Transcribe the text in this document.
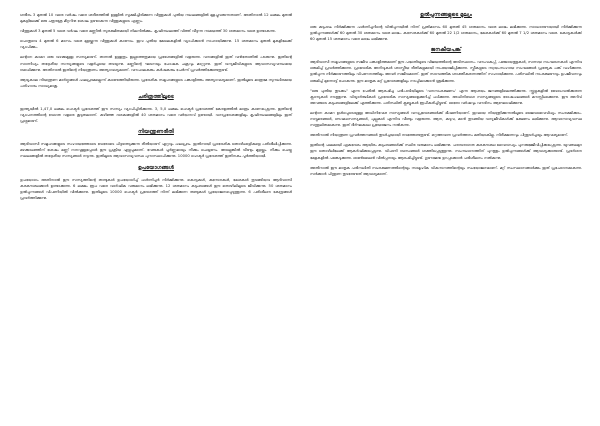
ശരീരം 3 മുതൽ 10 വരെ വർഷം വരെ ശരീരത്തിൽ ഉള്ളിൽ സൂക്ഷിച്ചിരിക്കുന്ന വിത്തുകൾ പുതിയ സ്ഥലങ്ങളിൽ മുളച്ചുവരുന്നതാണ്. അതിനാൽ 12 ലക്ഷം മുതൽ മുകളിലേക്ക് ഒരു ചതുരശ്ര മീറ്ററിനു ശേഷം ഉണ്ടാകുന്ന വിത്തുകളുടെ എണ്ണം.

വിത്തുകൾ 3 മുതൽ 5 വരെ വർഷം വരെ മണ്ണിൽ സുരക്ഷിതമായി നിലനിൽക്കും. കൃഷിസ്ഥലത്ത് വിത്ത് വീഴുന്ന സമയത്ത് 30 ശതമാനം വരെ ഉണ്ടാകുന്നു.

പൊതുവെ 4 മുതൽ 6 മാസം വരെ മുളയ്ക്കുന്ന വിത്തുകൾ കാണാം. ഇവ പുതിയ മേഖലകളിൽ വ്യാപിക്കാൻ സഹായിക്കുന്നു. 15 ശതമാനം മുതൽ മുകളിലേക്ക് വ്യാപിക്കും.

ലന്റാന കാമറ ഒരു വഴക്കമുള്ള സസ്യമാണ്. തണൽ ഉള്ളതും ഇല്ലാത്തതുമായ പ്രദേശങ്ങളിൽ വളരുന്നു. വനങ്ങളിൽ ഇത് വൻതോതിൽ പടരുന്നു. ഇതിന്റെ സാന്നിധ്യം തദ്ദേശീയ സസ്യങ്ങളുടെ വളർച്ചയെ തടയുന്നു. മണ്ണിന്റെ ഘടനയും പോഷക ചക്രവും മാറ്റുന്നു. ഇത് വന്യജീവികളുടെ ആവാസവ്യവസ്ഥയെ ബാധിക്കുന്നു. അതിനാൽ ഇതിന്റെ നിയന്ത്രണം അത്യാവശ്യമാണ്. വനപാലകരും കർഷകരും ചേർന്ന് പ്രവർത്തിക്കേണ്ടതുണ്ട്.

ആദ്യകാല നിയന്ത്രണ മാർഗ്ഗങ്ങൾ ഫലപ്രദമല്ലെന്ന് കണ്ടെത്തിയിരുന്നു. പ്രദേശിക സമൂഹങ്ങളുടെ പങ്കാളിത്തം അത്യാവശ്യമാണ്. ഇതിലൂടെ മാത്രമേ സുസ്ഥിരമായ പരിഹാരം സാധ്യമാകൂ.

ചരിത്രത്തിലൂടെ

ഇന്ത്യയിൽ 1,47,0 ലക്ഷം ഹെക്ടർ പ്രദേശത്ത് ഈ സസ്യം വ്യാപിച്ചിരിക്കുന്നു. 3, 5,0 ലക്ഷം ഹെക്ടർ പ്രദേശത്ത് കേരളത്തിൽ മാത്രം കാണപ്പെടുന്നു. ഇതിന്റെ വ്യാപനത്തിന്റെ വേഗത വളരെ കൂടുതലാണ്. കഴിഞ്ഞ ദശകങ്ങളിൽ 40 ശതമാനം വരെ വർദ്ധനവ് ഉണ്ടായി. വനപ്രദേശങ്ങളിലും കൃഷിസ്ഥലങ്ങളിലും ഇത് പ്രശ്നമാണ്.

നിയന്ത്രണരീതി

ആദിവാസി സമൂഹങ്ങളുടെ സഹായത്തോടെ വേരോടെ പിഴുതെടുക്കുന്ന രീതിയാണ് ഏറ്റവും ഫലപ്രദം. ഇതിനായി പ്രാദേശിക തൊഴിലാളികളെ പരിശീലിപ്പിക്കുന്നു. മഴക്കാലത്തിന് ശേഷം മണ്ണ് നനവുള്ളപ്പോൾ ഈ പ്രക്രിയ എളുപ്പമാണ്. വേരുകൾ പൂർണ്ണമായും നീക്കം ചെയ്യണം. അല്ലെങ്കിൽ വീണ്ടും മുളയ്ക്കും. നീക്കം ചെയ്ത സ്ഥലങ്ങളിൽ തദ്ദേശീയ സസ്യങ്ങൾ നടുന്നു. ഇതിലൂടെ ആവാസവ്യവസ്ഥ പുനഃസ്ഥാപിക്കുന്നു. 10000 ഹെക്ടർ പ്രദേശത്ത് ഇതിനകം പൂർത്തിയായി.

ഉപയോഗങ്ങൾ

ഉപയോഗം അതിനാൽ ഈ സസ്യത്തിന്റെ തണ്ടുകൾ ഉപയോഗിച്ച് ഫർണിച്ചർ നിർമ്മിക്കുന്നു. കൊട്ടകൾ, കസേരകൾ, മേശകൾ തുടങ്ങിയവ ആദിവാസി കരകൗശലക്കാർ ഉണ്ടാക്കുന്നു. 6 ലക്ഷം രൂപ വരെ വാർഷിക വരുമാനം ലഭിക്കുന്നു. 12 ശതമാനം കുടുംബങ്ങൾ ഈ തൊഴിലിലൂടെ ജീവിക്കുന്നു. 50 ശതമാനം ഉൽപ്പന്നങ്ങൾ വിപണിയിൽ വിൽക്കുന്നു. ഇതിലൂടെ 10000 ഹെക്ടർ പ്രദേശത്ത് നിന്ന് ലഭിക്കുന്ന തണ്ടുകൾ പ്രയോജനപ്പെടുത്തുന്നു. 6 പരിശീലന കേന്ദ്രങ്ങൾ പ്രവർത്തിക്കുന്നു.

ഉൽപ്പന്നങ്ങളുടെ മൂല്യം

ഒരു കുടുംബം നിർമ്മിക്കുന്ന ഫർണിച്ചറിന്റെ വിൽപ്പനയിൽ നിന്ന് പ്രതിമാസം 60 മുതൽ 45 ശതമാനം വരെ ലാഭം ലഭിക്കുന്നു. സാധാരണയായി നിർമ്മിക്കുന്ന ഉൽപ്പന്നങ്ങൾക്ക് 60 മുതൽ 30 ശതമാനം വരെ ലാഭം. കസേരകൾക്ക് 60 മുതൽ 22 1/2 ശതമാനം, മേശകൾക്ക് 60 മുതൽ 7 1/2 ശതമാനം വരെ. കൊട്ടകൾക്ക് 60 മുതൽ 15 ശതമാനം വരെ ലാഭം ലഭിക്കുന്നു.

ജനകീയപങ്ക്

ആദിവാസി സമൂഹങ്ങളുടെ സജീവ പങ്കാളിത്തമാണ് ഈ പദ്ധതിയുടെ വിജയത്തിന്റെ അടിസ്ഥാനം. വനംവകുപ്പ്, പഞ്ചായത്തുകൾ, സന്നദ്ധ സംഘടനകൾ എന്നിവ ഒരുമിച്ച് പ്രവർത്തിക്കുന്നു. പ്രാദേശിക അറിവുകൾ ശാസ്ത്രീയ രീതികളുമായി സംയോജിപ്പിക്കുന്നു. സ്ത്രീകളുടെ സ്വയംസഹായ സംഘങ്ങൾ പ്രത്യേക പങ്ക് വഹിക്കുന്നു. ഉൽപ്പന്ന നിർമ്മാണത്തിലും വിപണനത്തിലും അവർ സജീവമാണ്. ഇത് സാമ്പത്തിക ശാക്തീകരണത്തിന് സഹായിക്കുന്നു. പരിസ്ഥിതി സംരക്ഷണവും ഉപജീവനവും ഒരുമിച്ച് മുന്നോട്ട് പോകുന്നു. ഈ മാതൃക മറ്റ് പ്രദേശങ്ങളിലും നടപ്പിലാക്കാൻ ശ്രമിക്കുന്നു.

"ഒരു പുതിയ തുടക്കം" എന്ന പേരിൽ ആരംഭിച്ച പരിപാടിയിലൂടെ 'വനസംരക്ഷണം' എന്ന ആശയം ജനങ്ങളിലെത്തിക്കുന്നു. സ്കൂളുകളിൽ ബോധവൽക്കരണ ക്ലാസുകൾ നടത്തുന്നു. വിദ്യാർത്ഥികൾ പ്രാദേശിക സസ്യങ്ങളെക്കുറിച്ച് പഠിക്കുന്നു. അധിനിവേശ സസ്യങ്ങളുടെ ദോഷഫലങ്ങൾ മനസ്സിലാക്കുന്നു. ഈ അറിവ് അവരുടെ കുടുംബങ്ങളിലേക്ക് എത്തിക്കുന്നു. പരിസ്ഥിതി ക്ലബ്ബുകൾ രൂപീകരിച്ചിട്ടുണ്ട്. ഓരോ വർഷവും വനദിനം ആഘോഷിക്കുന്നു.

ലന്റാന കാമറ ഉൾപ്പെടെയുള്ള അധിനിവേശ സസ്യങ്ങൾ വനപ്രദേശങ്ങൾക്ക് ഭീഷണിയാണ്. ഇവയെ നിയന്ത്രിക്കുന്നതിലൂടെ ജൈവവൈവിധ്യം സംരക്ഷിക്കാം. നാട്ടുമരങ്ങൾ, ഔഷധസസ്യങ്ങൾ, പുല്ലുകൾ എന്നിവ വീണ്ടും വളരുന്നു. ആന, കടുവ, മാൻ തുടങ്ങിയ വന്യജീവികൾക്ക് ഭക്ഷണം ലഭിക്കുന്നു. ആവാസവ്യവസ്ഥ സന്തുലിതമാകുന്നു. ഇത് ദീർഘകാല പ്രയോജനം നൽകുന്നു.

അതിനാൽ നിയന്ത്രണ പ്രവർത്തനങ്ങൾ തുടർച്ചയായി നടത്തേണ്ടതുണ്ട്. ഒറ്റത്തവണ പ്രവർത്തനം മതിയാകില്ല. നിരീക്ഷണവും പിന്തുടർച്ചയും ആവശ്യമാണ്.

ഇതിന്റെ ഫലമായി ഏകദേശം ആയിരം കുടുംബങ്ങൾക്ക് സ്ഥിര വരുമാനം ലഭിക്കുന്നു. പരമ്പരാഗത കരകൗശല വൈദഗ്ധ്യം പുനരുജ്ജീവിപ്പിക്കപ്പെടുന്നു. യുവതലമുറ ഈ തൊഴിലിലേക്ക് ആകർഷിക്കപ്പെടുന്നു. വിപണി ബന്ധങ്ങൾ ശക്തിപ്പെടുത്തുന്നു. സംസ്ഥാനത്തിന് പുറത്തും ഉൽപ്പന്നങ്ങൾക്ക് ആവശ്യക്കാരുണ്ട്. പ്രദർശന മേളകളിൽ പങ്കെടുക്കുന്നു. ഓൺലൈൻ വിൽപ്പനയും ആരംഭിച്ചിട്ടുണ്ട്. ഗുണമേന്മ ഉറപ്പാക്കാൻ പരിശീലനം നൽകുന്നു.

അതിനാൽ ഈ മാതൃക പരിസ്ഥിതി സംരക്ഷണത്തിന്റെയും സാമൂഹിക വികസനത്തിന്റെയും സംയോജനമാണ്. മറ്റ് സംസ്ഥാനങ്ങൾക്കും ഇത് പ്രചോദനമാകുന്നു. സർക്കാർ പിന്തുണ തുടരേണ്ടത് ആവശ്യമാണ്.
